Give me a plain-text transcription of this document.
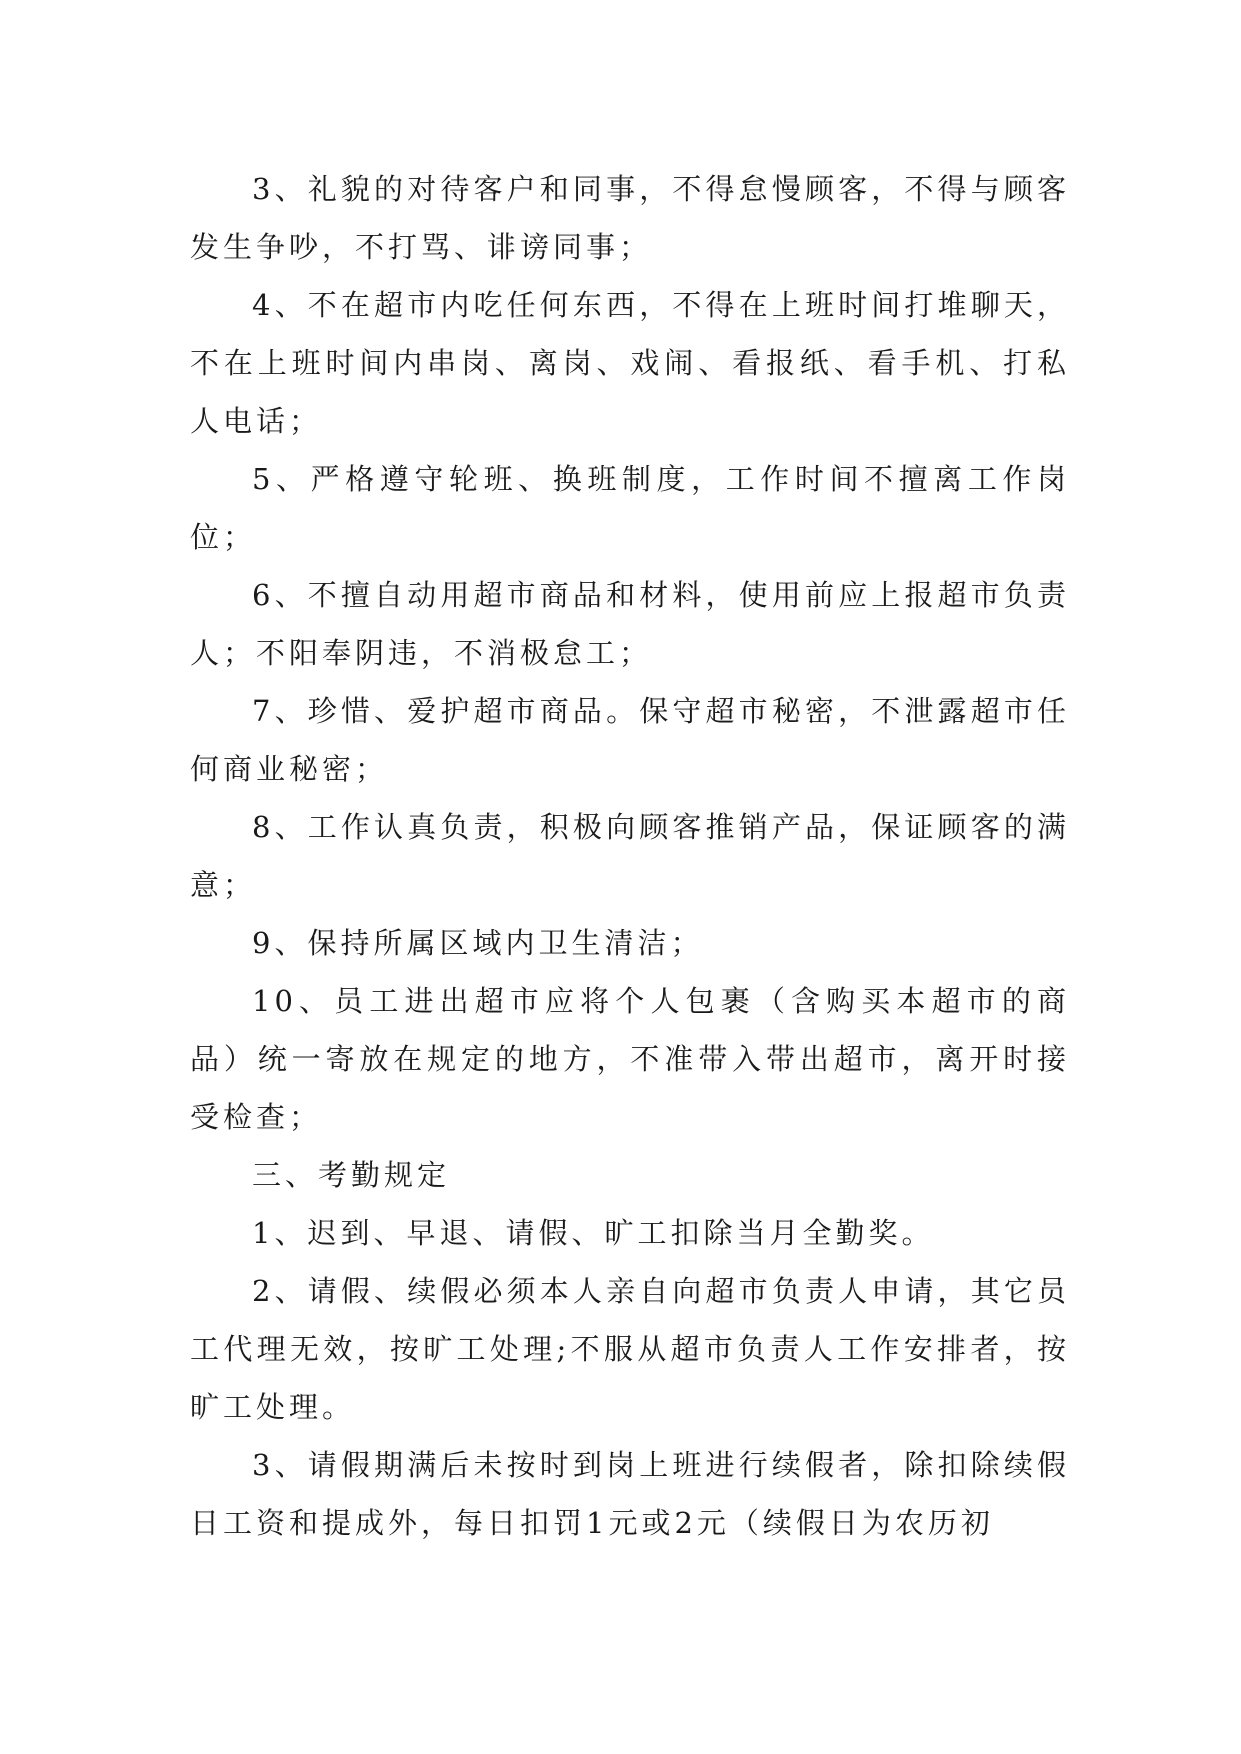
3、礼貌的对待客户和同事，不得怠慢顾客，不得与顾客发生争吵，不打骂、诽谤同事；

4、不在超市内吃任何东西，不得在上班时间打堆聊天，不在上班时间内串岗、离岗、戏闹、看报纸、看手机、打私人电话；

5、严格遵守轮班、换班制度，工作时间不擅离工作岗位；

6、不擅自动用超市商品和材料，使用前应上报超市负责人；不阳奉阴违，不消极怠工；

7、珍惜、爱护超市商品。保守超市秘密，不泄露超市任何商业秘密；

8、工作认真负责，积极向顾客推销产品，保证顾客的满意；

9、保持所属区域内卫生清洁；

10、员工进出超市应将个人包裹（含购买本超市的商品）统一寄放在规定的地方，不准带入带出超市，离开时接受检查；

三、考勤规定

1、迟到、早退、请假、旷工扣除当月全勤奖。

2、请假、续假必须本人亲自向超市负责人申请，其它员工代理无效，按旷工处理;不服从超市负责人工作安排者，按旷工处理。

3、请假期满后未按时到岗上班进行续假者，除扣除续假日工资和提成外，每日扣罚1元或2元（续假日为农历初
